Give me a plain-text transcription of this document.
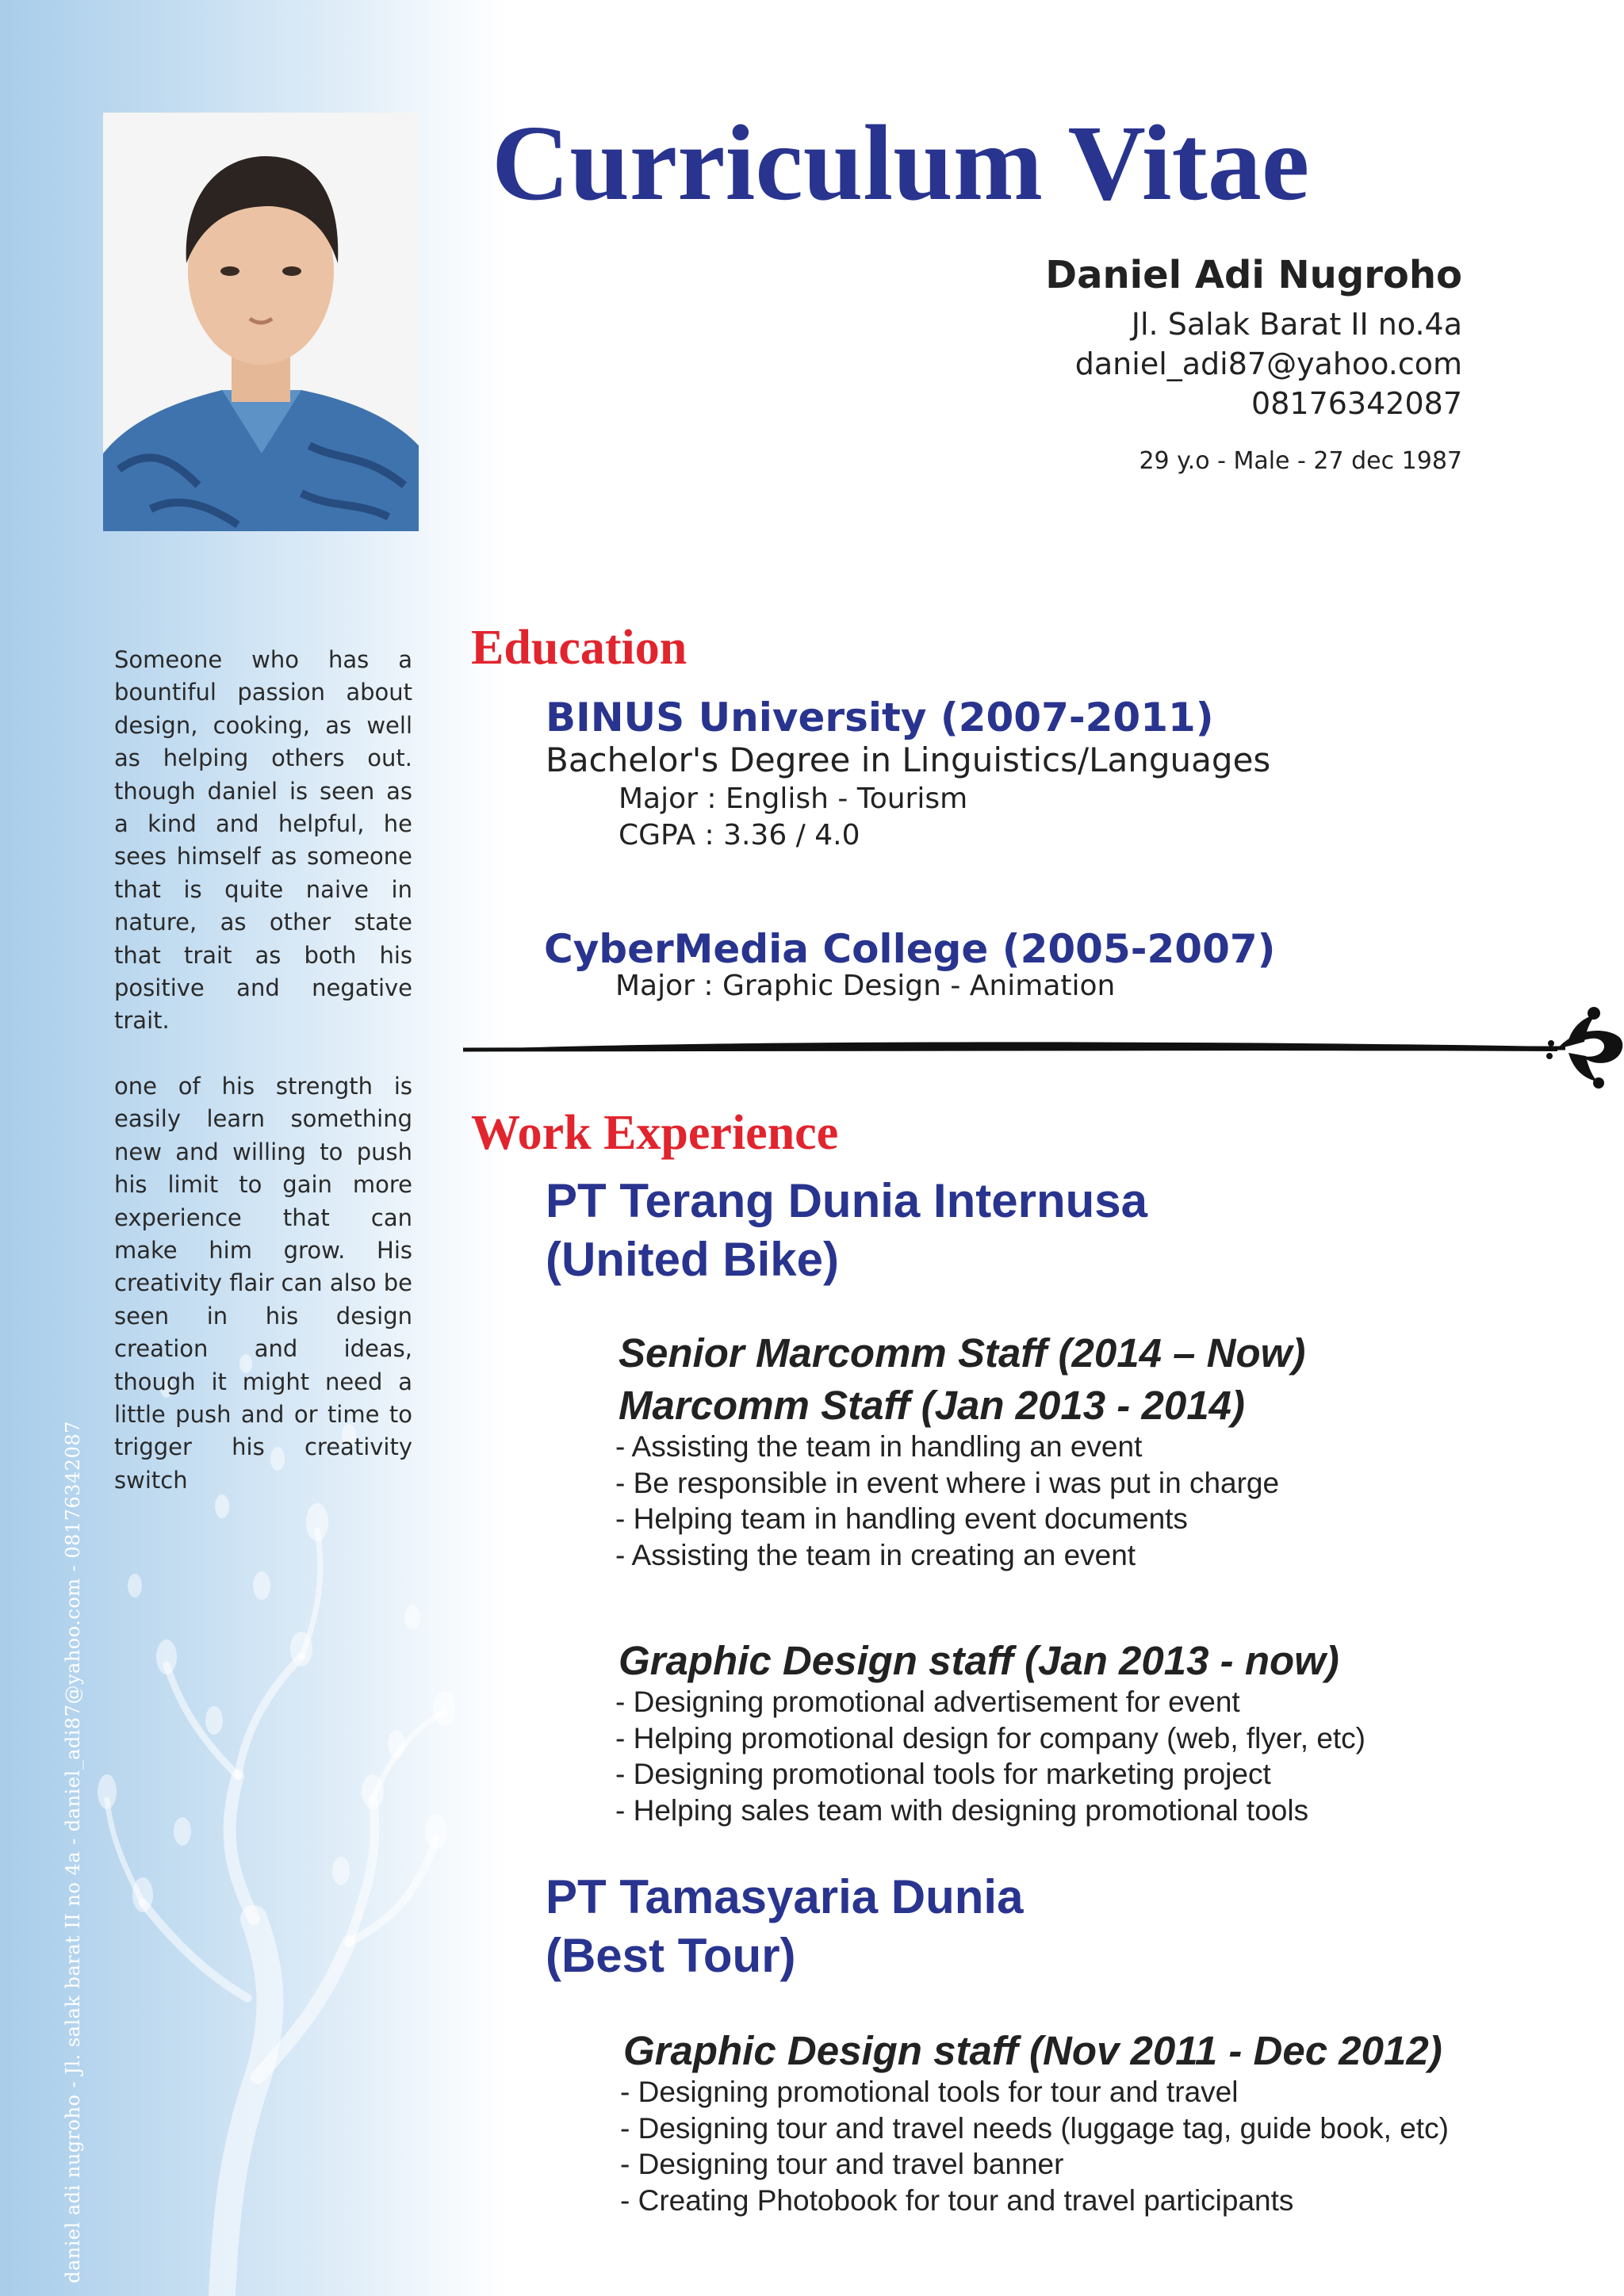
Someone who has a bountiful passion about design, cooking, as well as helping others out. though daniel is seen as a kind and helpful, he sees himself as someone that is quite naive in nature, as other state that trait as both his positive and negative trait.

one of his strength is easily learn something new and willing to push his limit to gain more experience that can make him grow. His creativity flair can also be seen in his design creation and ideas, though it might need a little push and or time to trigger his creativity switch

daniel adi nugroho - Jl. salak barat II no 4a - daniel_adi87@yahoo.com - 08176342087
Curriculum Vitae
Daniel Adi Nugroho
Jl. Salak Barat II no.4a
daniel_adi87@yahoo.com
08176342087
29 y.o - Male - 27 dec 1987
Education
BINUS University (2007-2011)
Bachelor's Degree in Linguistics/Languages
Major : English - Tourism
CGPA : 3.36 / 4.0
CyberMedia College (2005-2007)
Major : Graphic Design - Animation
Work Experience
PT Terang Dunia Internusa
(United Bike)
Senior Marcomm Staff (2014 – Now)
Marcomm Staff (Jan 2013 - 2014)
- Assisting the team in handling an event
- Be responsible in event where i was put in charge
- Helping team in handling event documents
- Assisting the team in creating an event
Graphic Design staff (Jan 2013 - now)
- Designing promotional advertisement for event
- Helping promotional design for company (web, flyer, etc)
- Designing promotional tools for marketing project
- Helping sales team with designing promotional tools
PT Tamasyaria Dunia
(Best Tour)
Graphic Design staff (Nov 2011 - Dec 2012)
- Designing promotional tools for tour and travel
- Designing tour and travel needs (luggage tag, guide book, etc)
- Designing tour and travel banner
- Creating Photobook for tour and travel participants
